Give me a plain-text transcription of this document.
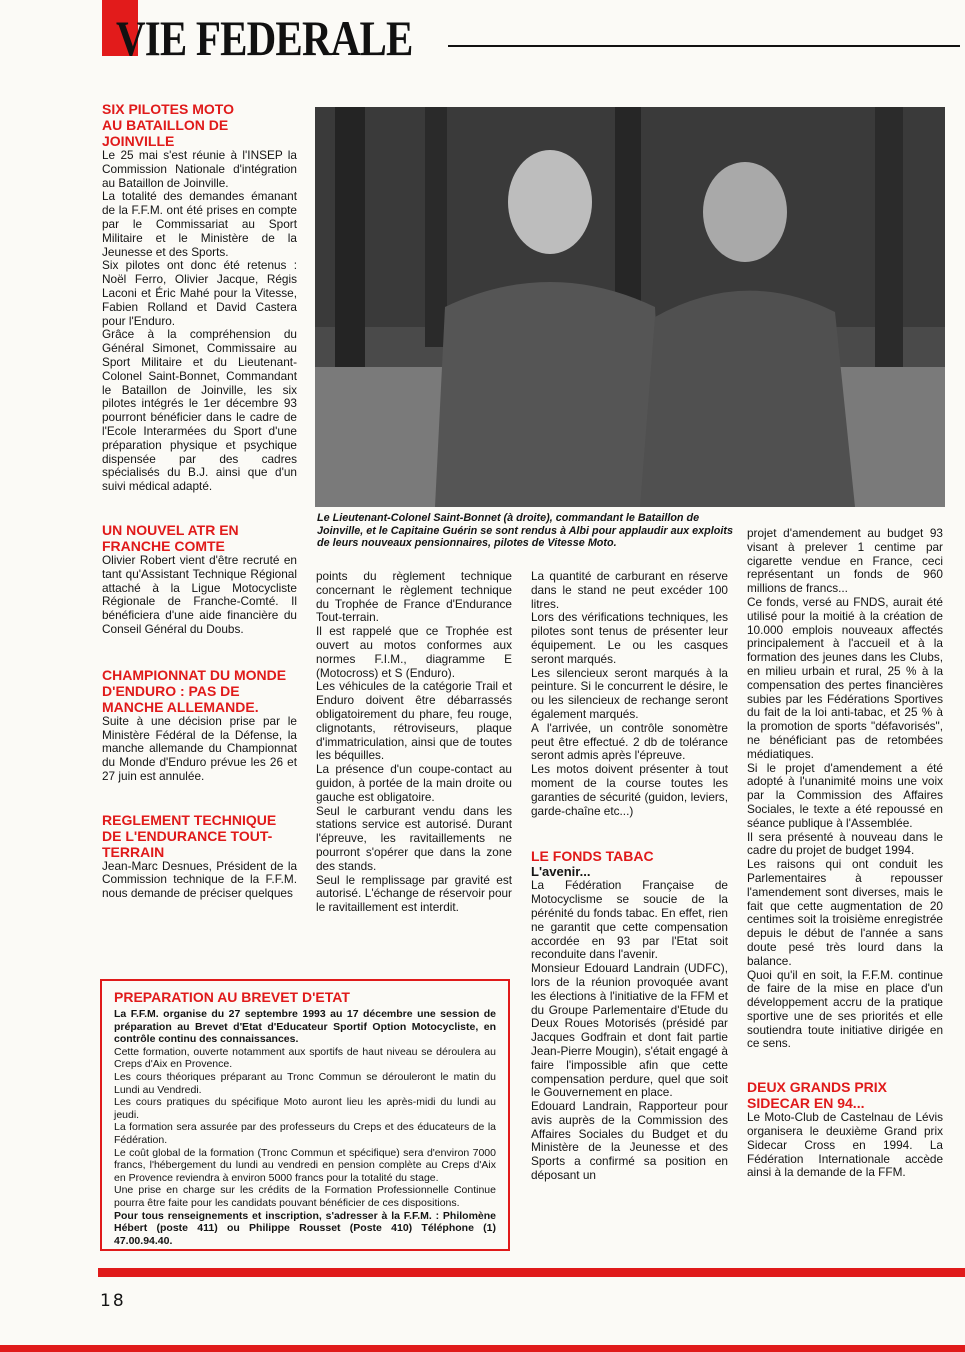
VIE FEDERALE
SIX PILOTES MOTO AU BATAILLON DE JOINVILLE

Le 25 mai s'est réunie à l'INSEP la Commission Nationale d'intégration au Bataillon de Joinville.

La totalité des demandes émanant de la F.F.M. ont été prises en compte par le Commissariat au Sport Militaire et le Ministère de la Jeunesse et des Sports.

Six pilotes ont donc été retenus : Noël Ferro, Olivier Jacque, Régis Laconi et Éric Mahé pour la Vitesse, Fabien Rolland et David Castera pour l'Enduro.

Grâce à la compréhension du Général Simonet, Commissaire au Sport Militaire et du Lieutenant-Colonel Saint-Bonnet, Commandant le Bataillon de Joinville, les six pilotes intégrés le 1er décembre 93 pourront bénéficier dans le cadre de l'Ecole Interarmées du Sport d'une préparation physique et psychique dispensée par des cadres spécialisés du B.J. ainsi que d'un suivi médical adapté.

UN NOUVEL ATR EN FRANCHE COMTE

Olivier Robert vient d'être recruté en tant qu'Assistant Technique Régional attaché à la Ligue Motocycliste Régionale de Franche-Comté. Il bénéficiera d'une aide financière du Conseil Général du Doubs.

CHAMPIONNAT DU MONDE D'ENDURO : PAS DE MANCHE ALLEMANDE.

Suite à une décision prise par le Ministère Fédéral de la Défense, la manche allemande du Championnat du Monde d'Enduro prévue les 26 et 27 juin est annulée.

REGLEMENT TECHNIQUE DE L'ENDURANCE TOUT-TERRAIN

Jean-Marc Desnues, Président de la Commission technique de la F.F.M. nous demande de préciser quelques

Le Lieutenant-Colonel Saint-Bonnet (à droite), commandant le Bataillon de Joinville, et le Capitaine Guérin se sont rendus à Albi pour applaudir aux exploits de leurs nouveaux pensionnaires, pilotes de Vitesse Moto.

points du règlement technique concernant le règlement technique du Trophée de France d'Endurance Tout-terrain.

Il est rappelé que ce Trophée est ouvert au motos conformes aux normes F.I.M., diagramme E (Motocross) et S (Enduro).

Les véhicules de la catégorie Trail et Enduro doivent être débarrassés obligatoirement du phare, feu rouge, clignotants, rétroviseurs, plaque d'immatriculation, ainsi que de toutes les béquilles.

La présence d'un coupe-contact au guidon, à portée de la main droite ou gauche est obligatoire.

Seul le carburant vendu dans les stations service est autorisé. Durant l'épreuve, les ravitaillements ne pourront s'opérer que dans la zone des stands.

Seul le remplissage par gravité est autorisé. L'échange de réservoir pour le ravitaillement est interdit.

La quantité de carburant en réserve dans le stand ne peut excéder 100 litres.

Lors des vérifications techniques, les pilotes sont tenus de présenter leur équipement. Le ou les casques seront marqués.

Les silencieux seront marqués à la peinture. Si le concurrent le désire, le ou les silencieux de rechange seront également marqués.

A l'arrivée, un contrôle sonomètre peut être effectué. 2 db de tolérance seront admis après l'épreuve.

Les motos doivent présenter à tout moment de la course toutes les garanties de sécurité (guidon, leviers, garde-chaîne etc...)

LE FONDS TABAC
L'avenir...

La Fédération Française de Motocyclisme se soucie de la pérénité du fonds tabac. En effet, rien ne garantit que cette compensation accordée en 93 par l'Etat soit reconduite dans l'avenir.

Monsieur Edouard Landrain (UDFC), lors de la réunion provoquée avant les élections à l'initiative de la FFM et du Groupe Parlementaire d'Etude du Deux Roues Motorisés (présidé par Jacques Godfrain et dont fait partie Jean-Pierre Mougin), s'était engagé à faire l'impossible afin que cette compensation perdure, quel que soit le Gouvernement en place.

Edouard Landrain, Rapporteur pour avis auprès de la Commission des Affaires Sociales du Budget et du Ministère de la Jeunesse et des Sports a confirmé sa position en déposant un

projet d'amendement au budget 93 visant à prelever 1 centime par cigarette vendue en France, ceci représentant un fonds de 960 millions de francs...

Ce fonds, versé au FNDS, aurait été utilisé pour la moitié à la création de 10.000 emplois nouveaux affectés principalement à l'accueil et à la formation des jeunes dans les Clubs, en milieu urbain et rural, 25 % à la compensation des pertes financières subies par les Fédérations Sportives du fait de la loi anti-tabac, et 25 % à la promotion de sports "défavorisés", ne bénéficiant pas de retombées médiatiques.

Si le projet d'amendement a été adopté à l'unanimité moins une voix par la Commission des Affaires Sociales, le texte a été repoussé en séance publique à l'Assemblée.

Il sera présenté à nouveau dans le cadre du projet de budget 1994.

Les raisons qui ont conduit les Parlementaires à repousser l'amendement sont diverses, mais le fait que cette augmentation de 20 centimes soit la troisième enregistrée depuis le début de l'année a sans doute pesé très lourd dans la balance.

Quoi qu'il en soit, la F.F.M. continue de faire de la mise en place d'un développement accru de la pratique sportive une de ses priorités et elle soutiendra toute initiative dirigée en ce sens.

DEUX GRANDS PRIX SIDECAR EN 94...

Le Moto-Club de Castelnau de Lévis organisera le deuxième Grand prix Sidecar Cross en 1994. La Fédération Internationale accède ainsi à la demande de la FFM.

PREPARATION AU BREVET D'ETAT

La F.F.M. organise du 27 septembre 1993 au 17 décembre une session de préparation au Brevet d'Etat d'Educateur Sportif Option Motocycliste, en contrôle continu des connaissances.

Cette formation, ouverte notamment aux sportifs de haut niveau se déroulera au Creps d'Aix en Provence.

Les cours théoriques préparant au Tronc Commun se dérouleront le matin du Lundi au Vendredi.

Les cours pratiques du spécifique Moto auront lieu les après-midi du lundi au jeudi.

La formation sera assurée par des professeurs du Creps et des éducateurs de la Fédération.

Le coût global de la formation (Tronc Commun et spécifique) sera d'environ 7000 francs, l'hébergement du lundi au vendredi en pension complète au Creps d'Aix en Provence reviendra à environ 5000 francs pour la totalité du stage.

Une prise en charge sur les crédits de la Formation Professionnelle Continue pourra être faite pour les candidats pouvant bénéficier de ces dispositions.

Pour tous renseignements et inscription, s'adresser à la F.F.M. : Philomène Hébert (poste 411) ou Philippe Rousset (Poste 410) Téléphone (1) 47.00.94.40.

18
